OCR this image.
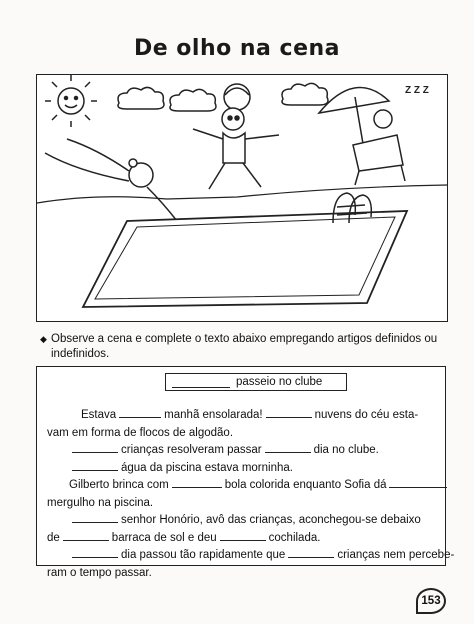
De olho na cena
Z Z Z
◆ Observe a cena e complete o texto abaixo empregando artigos definidos ou indefinidos.
passeio no clube
Estava	manhã ensolarada!	nuvens do céu esta-
vam em forma de flocos de algodão.
crianças resolveram passar	dia no clube.
água da piscina estava morninha.
Gilberto brinca com	bola colorida enquanto Sofia dá
mergulho na piscina.
senhor Honório, avô das crianças, aconchegou-se debaixo
de	barraca de sol e deu	cochilada.
dia passou tão rapidamente que	crianças nem percebe-
ram o tempo passar.
153
